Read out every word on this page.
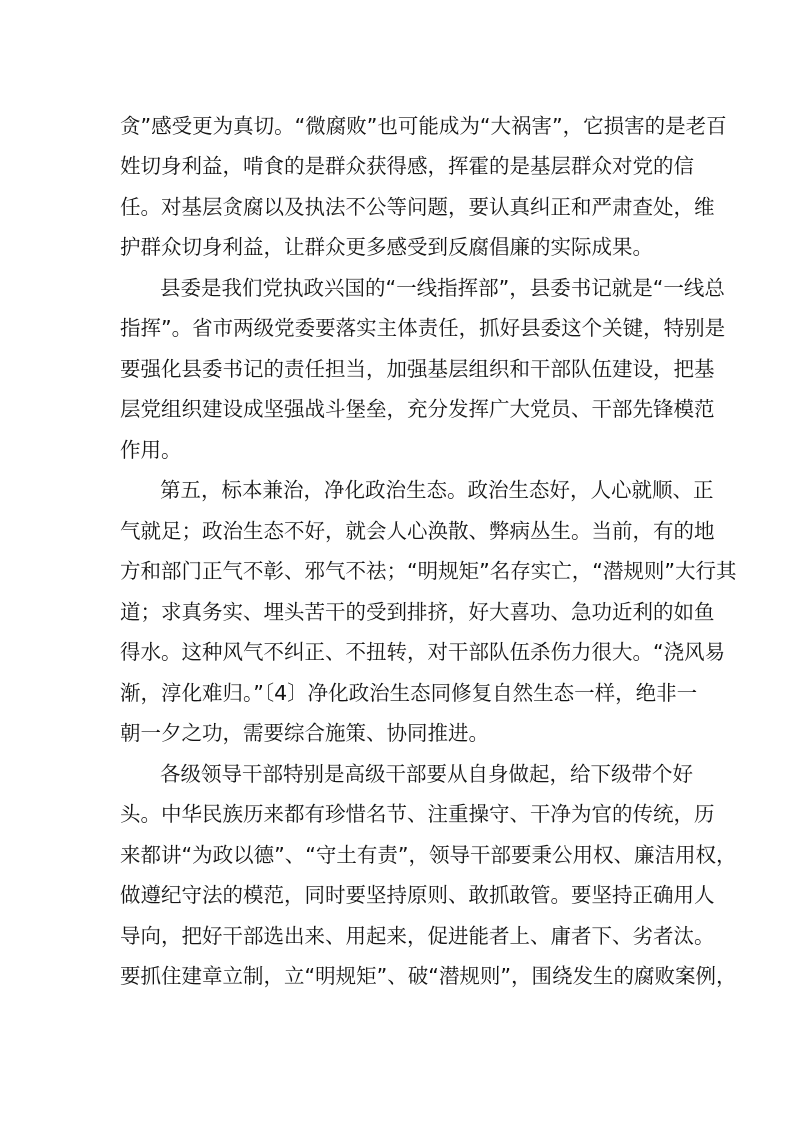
贪”感受更为真切。“微腐败”也可能成为“大祸害”，它损害的是老百
姓切身利益，啃食的是群众获得感，挥霍的是基层群众对党的信
任。对基层贪腐以及执法不公等问题，要认真纠正和严肃查处，维
护群众切身利益，让群众更多感受到反腐倡廉的实际成果。
县委是我们党执政兴国的“一线指挥部”，县委书记就是“一线总
指挥”。省市两级党委要落实主体责任，抓好县委这个关键，特别是
要强化县委书记的责任担当，加强基层组织和干部队伍建设，把基
层党组织建设成坚强战斗堡垒，充分发挥广大党员、干部先锋模范
作用。
第五，标本兼治，净化政治生态。政治生态好，人心就顺、正
气就足；政治生态不好，就会人心涣散、弊病丛生。当前，有的地
方和部门正气不彰、邪气不祛；“明规矩”名存实亡，“潜规则”大行其
道；求真务实、埋头苦干的受到排挤，好大喜功、急功近利的如鱼
得水。这种风气不纠正、不扭转，对干部队伍杀伤力很大。“浇风易
渐，淳化难归。”〔4〕净化政治生态同修复自然生态一样，绝非一
朝一夕之功，需要综合施策、协同推进。
各级领导干部特别是高级干部要从自身做起，给下级带个好
头。中华民族历来都有珍惜名节、注重操守、干净为官的传统，历
来都讲“为政以德”、“守土有责”，领导干部要秉公用权、廉洁用权，
做遵纪守法的模范，同时要坚持原则、敢抓敢管。要坚持正确用人
导向，把好干部选出来、用起来，促进能者上、庸者下、劣者汰。
要抓住建章立制，立“明规矩”、破“潜规则”，围绕发生的腐败案例，
